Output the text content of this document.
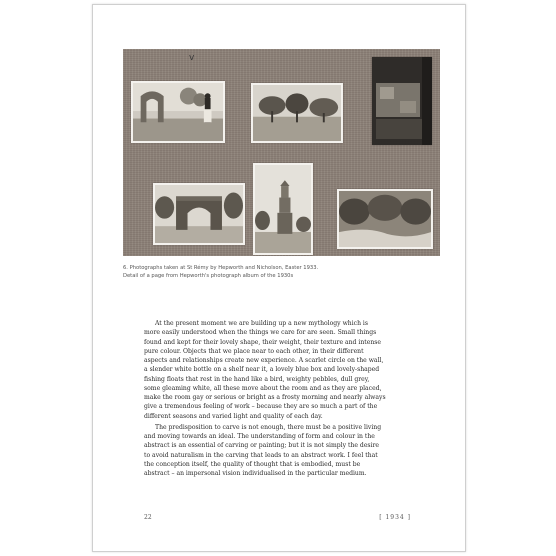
v
6. Photographs taken at St Rémy by Hepworth and Nicholson, Easter 1933.
Detail of a page from Hepworth's photograph album of the 1930s

At the present moment we are building up a new mythology which is
more easily understood when the things we care for are seen. Small things
found and kept for their lovely shape, their weight, their texture and intense
pure colour. Objects that we place near to each other, in their different
aspects and relationships create new experience. A scarlet circle on the wall,
a slender white bottle on a shelf near it, a lovely blue box and lovely-shaped
fishing floats that rest in the hand like a bird, weighty pebbles, dull grey,
some gleaming white, all these move about the room and as they are placed,
make the room gay or serious or bright as a frosty morning and nearly always
give a tremendous feeling of work – because they are so much a part of the
different seasons and varied light and quality of each day.

The predisposition to carve is not enough, there must be a positive living
and moving towards an ideal. The understanding of form and colour in the
abstract is an essential of carving or painting; but it is not simply the desire
to avoid naturalism in the carving that leads to an abstract work. I feel that
the conception itself, the quality of thought that is embodied, must be
abstract – an impersonal vision individualised in the particular medium.

22	[ 1934 ]
